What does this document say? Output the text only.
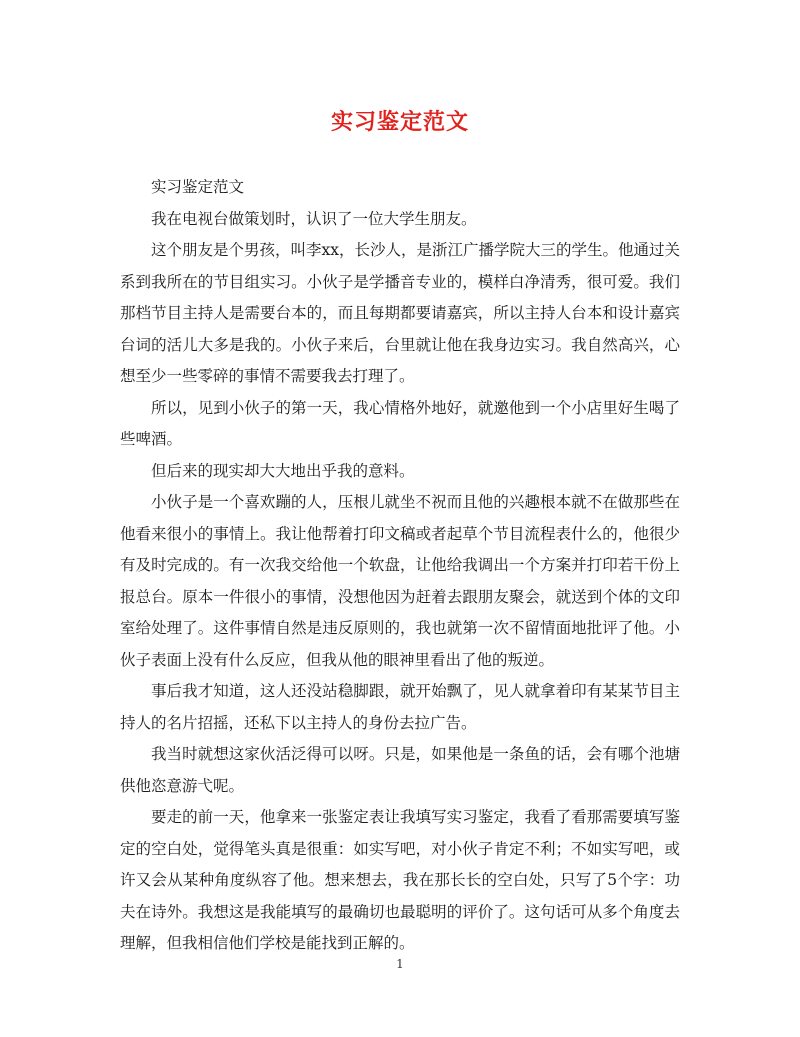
实习鉴定范文

实习鉴定范文

我在电视台做策划时，认识了一位大学生朋友。

这个朋友是个男孩，叫李xx，长沙人，是浙江广播学院大三的学生。他通过关系到我所在的节目组实习。小伙子是学播音专业的，模样白净清秀，很可爱。我们那档节目主持人是需要台本的，而且每期都要请嘉宾，所以主持人台本和设计嘉宾台词的活儿大多是我的。小伙子来后，台里就让他在我身边实习。我自然高兴，心想至少一些零碎的事情不需要我去打理了。

所以，见到小伙子的第一天，我心情格外地好，就邀他到一个小店里好生喝了些啤酒。

但后来的现实却大大地出乎我的意料。

小伙子是一个喜欢蹦的人，压根儿就坐不祝而且他的兴趣根本就不在做那些在他看来很小的事情上。我让他帮着打印文稿或者起草个节目流程表什么的，他很少有及时完成的。有一次我交给他一个软盘，让他给我调出一个方案并打印若干份上报总台。原本一件很小的事情，没想他因为赶着去跟朋友聚会，就送到个体的文印室给处理了。这件事情自然是违反原则的，我也就第一次不留情面地批评了他。小伙子表面上没有什么反应，但我从他的眼神里看出了他的叛逆。

事后我才知道，这人还没站稳脚跟，就开始飘了，见人就拿着印有某某节目主持人的名片招摇，还私下以主持人的身份去拉广告。

我当时就想这家伙活泛得可以呀。只是，如果他是一条鱼的话，会有哪个池塘供他恣意游弋呢。

要走的前一天，他拿来一张鉴定表让我填写实习鉴定，我看了看那需要填写鉴定的空白处，觉得笔头真是很重：如实写吧，对小伙子肯定不利；不如实写吧，或许又会从某种角度纵容了他。想来想去，我在那长长的空白处，只写了5个字：功夫在诗外。我想这是我能填写的最确切也最聪明的评价了。这句话可从多个角度去理解，但我相信他们学校是能找到正解的。

1
